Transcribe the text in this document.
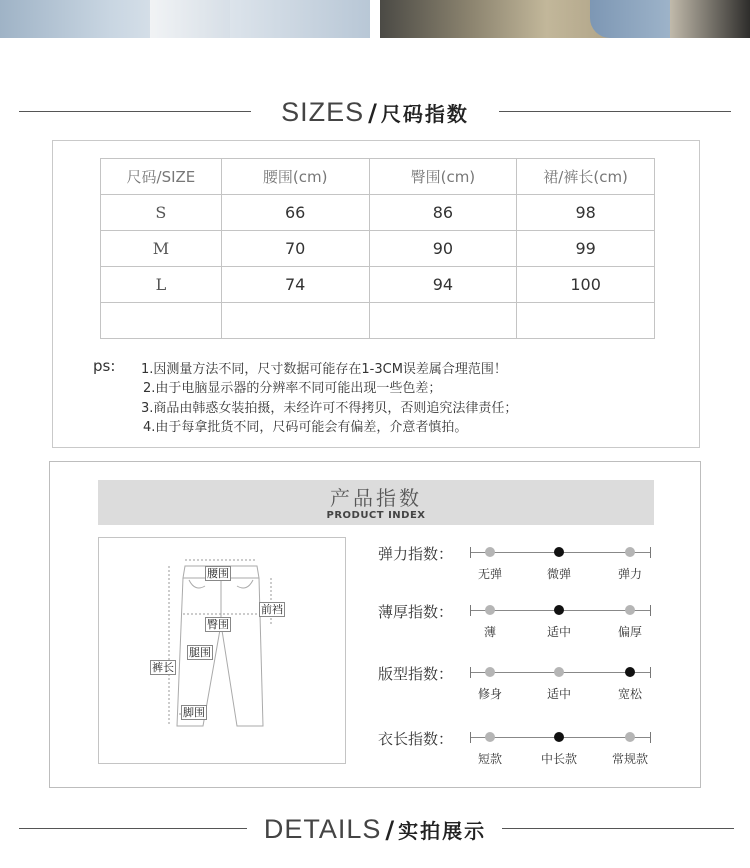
SIZES / 尺码指数
尺码/SIZE	腰围(cm)	臀围(cm)	裙/裤长(cm)
S	66	86	98
M	70	90	99
L	74	94	100

ps: 1.因测量方法不同，尺寸数据可能存在1-3CM误差属合理范围！
2.由于电脑显示器的分辨率不同可能出现一些色差；
3.商品由韩惑女装拍摄，未经许可不得拷贝，否则追究法律责任；
4.由于每拿批货不同，尺码可能会有偏差，介意者慎拍。
产品指数
PRODUCT INDEX
腰围
前裆
臀围
腿围
裤长
脚围
弹力指数：
无弹	微弹	弹力
薄厚指数：
薄	适中	偏厚
版型指数：
修身	适中	宽松
衣长指数：
短款	中长款	常规款
DETAILS / 实拍展示
